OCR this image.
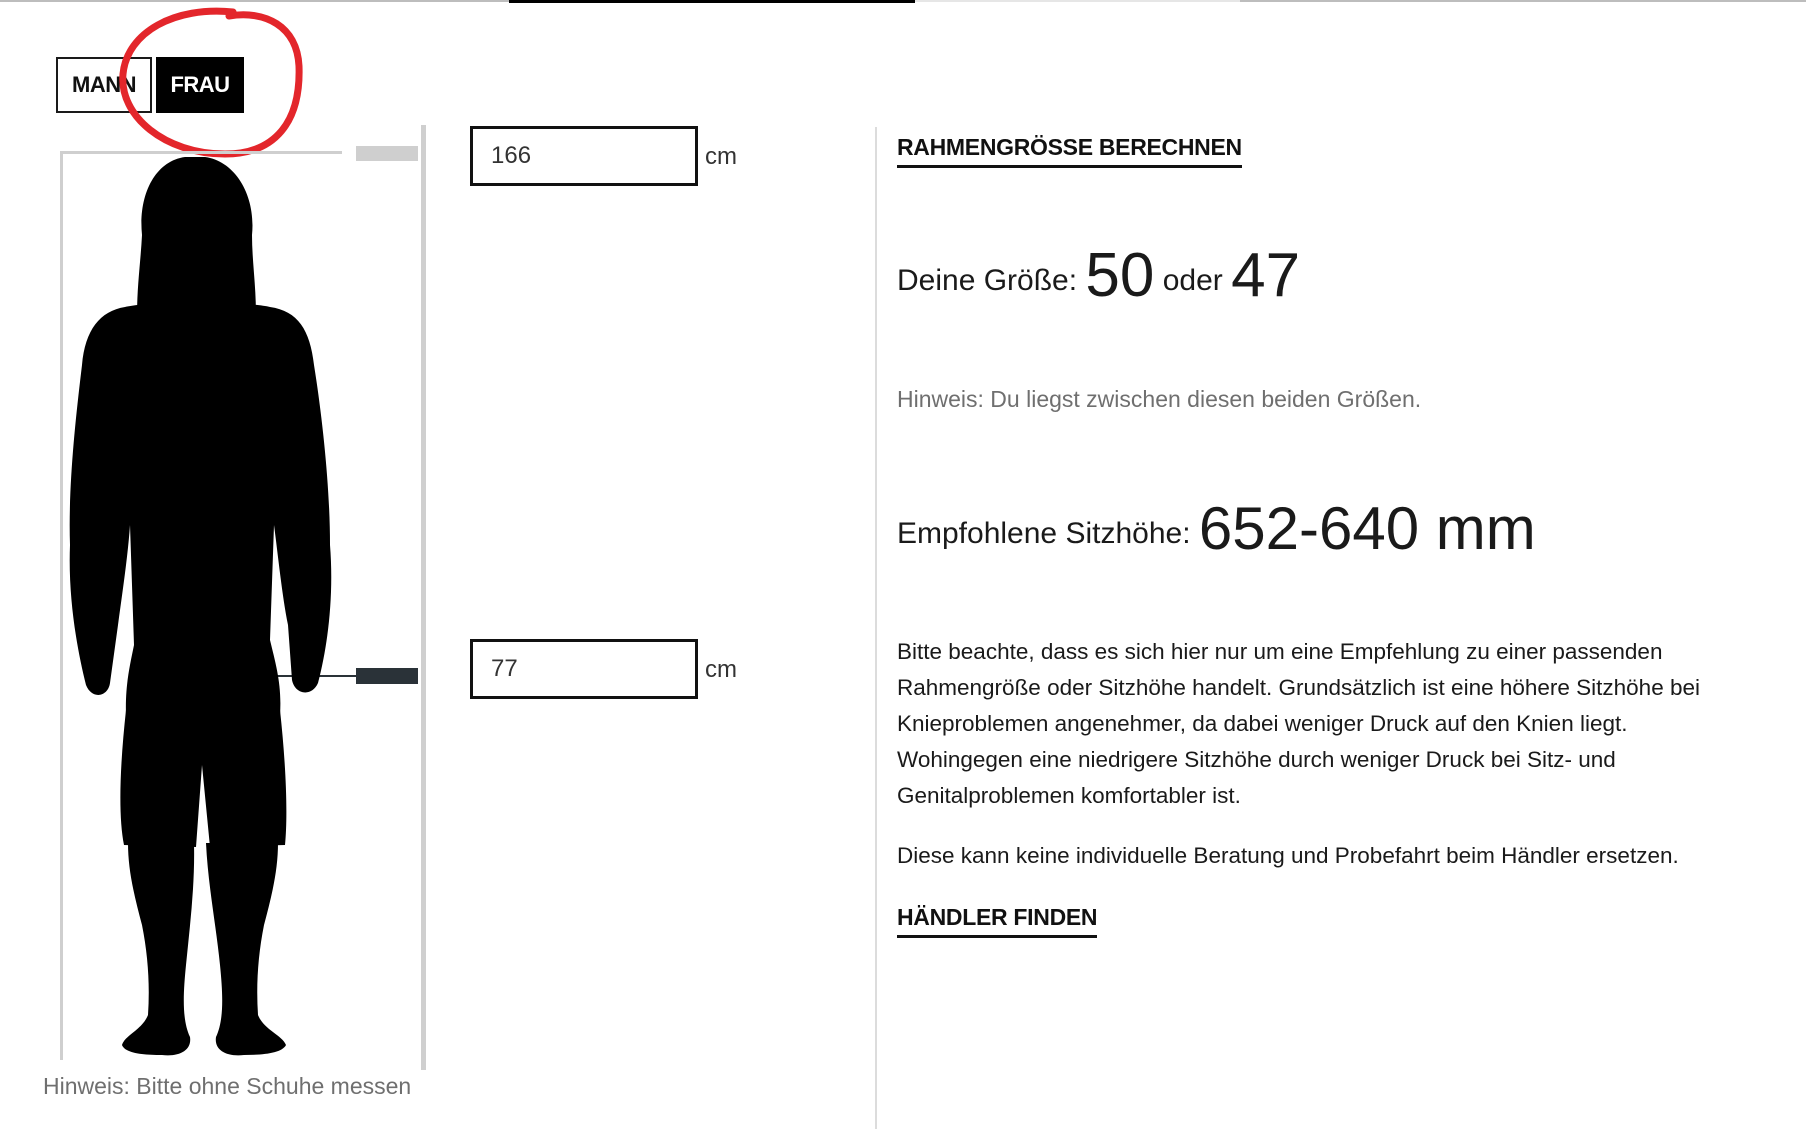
MANN	FRAU
166
cm
77
cm
Hinweis: Bitte ohne Schuhe messen
RAHMENGRÖSSE BERECHNEN
Deine Größe: 50 oder 47
Hinweis: Du liegst zwischen diesen beiden Größen.
Empfohlene Sitzhöhe: 652-640 mm

Bitte beachte, dass es sich hier nur um eine Empfehlung zu einer passenden Rahmengröße oder Sitzhöhe handelt. Grundsätzlich ist eine höhere Sitzhöhe bei Knieproblemen angenehmer, da dabei weniger Druck auf den Knien liegt. Wohingegen eine niedrigere Sitzhöhe durch weniger Druck bei Sitz- und Genitalproblemen komfortabler ist.

Diese kann keine individuelle Beratung und Probefahrt beim Händler ersetzen.

HÄNDLER FINDEN
